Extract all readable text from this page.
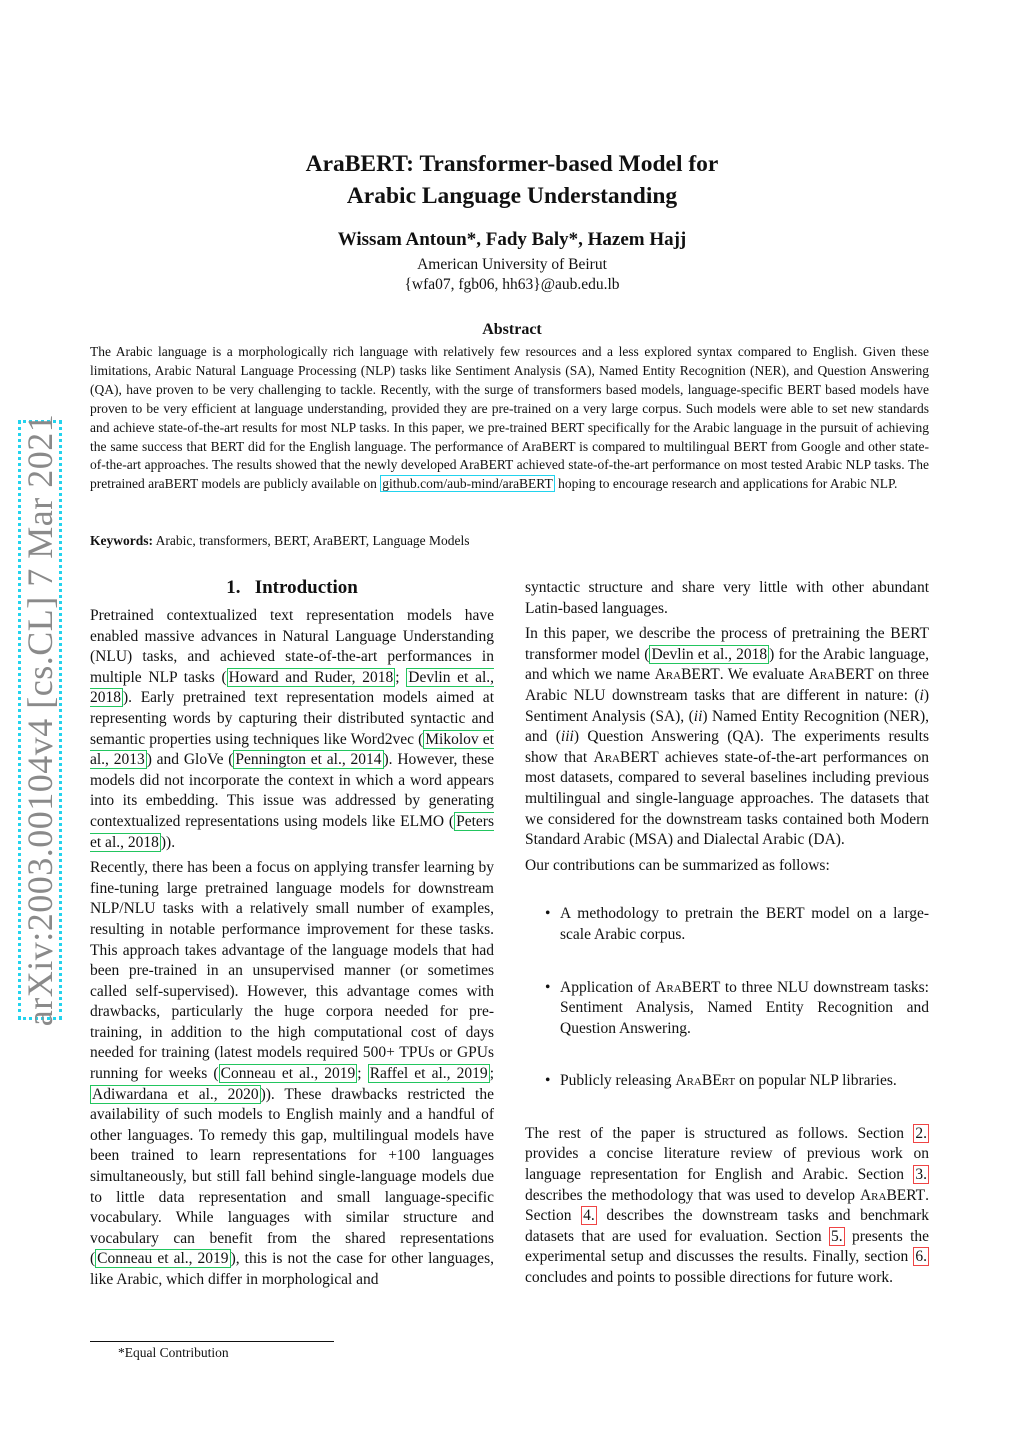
arXiv:2003.00104v4 [cs.CL] 7 Mar 2021
AraBERT: Transformer-based Model for
Arabic Language Understanding
Wissam Antoun*, Fady Baly*, Hazem Hajj
American University of Beirut
{wfa07, fgb06, hh63}@aub.edu.lb
Abstract
The Arabic language is a morphologically rich language with relatively few resources and a less explored syntax compared to English. Given these limitations, Arabic Natural Language Processing (NLP) tasks like Sentiment Analysis (SA), Named Entity Recognition (NER), and Question Answering (QA), have proven to be very challenging to tackle. Recently, with the surge of transformers based models, language-specific BERT based models have proven to be very efficient at language understanding, provided they are pre-trained on a very large corpus. Such models were able to set new standards and achieve state-of-the-art results for most NLP tasks. In this paper, we pre-trained BERT specifically for the Arabic language in the pursuit of achieving the same success that BERT did for the English language. The performance of AraBERT is compared to multilingual BERT from Google and other state-of-the-art approaches. The results showed that the newly developed AraBERT achieved state-of-the-art performance on most tested Arabic NLP tasks. The pretrained araBERT models are publicly available on github.com/aub-mind/araBERT hoping to encourage research and applications for Arabic NLP.
Keywords: Arabic, transformers, BERT, AraBERT, Language Models
1. Introduction

Pretrained contextualized text representation models have enabled massive advances in Natural Language Understanding (NLU) tasks, and achieved state-of-the-art performances in multiple NLP tasks ( Howard and Ruder, 2018 ; Devlin et al., 2018 ). Early pretrained text representation models aimed at representing words by capturing their distributed syntactic and semantic properties using techniques like Word2vec ( Mikolov et al., 2013 ) and GloVe ( Pennington et al., 2014 ). However, these models did not incorporate the context in which a word appears into its embedding. This issue was addressed by generating contextualized representations using models like ELMO ( Peters et al., 2018 )).

Recently, there has been a focus on applying transfer learning by fine-tuning large pretrained language models for downstream NLP/NLU tasks with a relatively small number of examples, resulting in notable performance improvement for these tasks. This approach takes advantage of the language models that had been pre-trained in an unsupervised manner (or sometimes called self-supervised). However, this advantage comes with drawbacks, particularly the huge corpora needed for pre-training, in addition to the high computational cost of days needed for training (latest models required 500+ TPUs or GPUs running for weeks ( Conneau et al., 2019 ; Raffel et al., 2019 ; Adiwardana et al., 2020 )). These drawbacks restricted the availability of such models to English mainly and a handful of other languages. To remedy this gap, multilingual models have been trained to learn representations for +100 languages simultaneously, but still fall behind single-language models due to little data representation and small language-specific vocabulary. While languages with similar structure and vocabulary can benefit from the shared representations ( Conneau et al., 2019 ), this is not the case for other languages, like Arabic, which differ in morphological and

syntactic structure and share very little with other abundant Latin-based languages.

In this paper, we describe the process of pretraining the BERT transformer model ( Devlin et al., 2018 ) for the Arabic language, and which we name AraBERT. We evaluate AraBERT on three Arabic NLU downstream tasks that are different in nature: (i) Sentiment Analysis (SA), (ii) Named Entity Recognition (NER), and (iii) Question Answering (QA). The experiments results show that AraBERT achieves state-of-the-art performances on most datasets, compared to several baselines including previous multilingual and single-language approaches. The datasets that we considered for the downstream tasks contained both Modern Standard Arabic (MSA) and Dialectal Arabic (DA).

Our contributions can be summarized as follows:

• A methodology to pretrain the BERT model on a large-scale Arabic corpus.
• Application of AraBERT to three NLU downstream tasks: Sentiment Analysis, Named Entity Recognition and Question Answering.
• Publicly releasing AraBErt on popular NLP libraries.

The rest of the paper is structured as follows. Section 2. provides a concise literature review of previous work on language representation for English and Arabic. Section 3. describes the methodology that was used to develop AraBERT. Section 4. describes the downstream tasks and benchmark datasets that are used for evaluation. Section 5. presents the experimental setup and discusses the results. Finally, section 6. concludes and points to possible directions for future work.

*Equal Contribution
